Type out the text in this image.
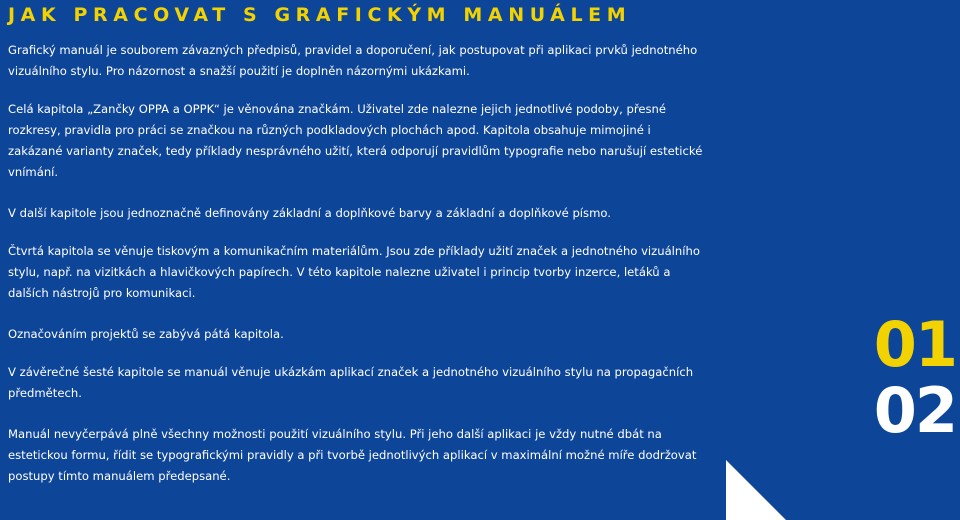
JAK PRACOVAT S GRAFICKÝM MANUÁLEM

Grafický manuál je souborem závazných předpisů, pravidel a doporučení, jak postupovat při aplikaci prvků jednotného vizuálního stylu. Pro názornost a snažší použití je doplněn názornými ukázkami.

Celá kapitola „Zančky OPPA a OPPK“ je věnována značkám. Uživatel zde nalezne jejich jednotlivé podoby, přesné rozkresy, pravidla pro práci se značkou na různých podkladových plochách apod. Kapitola obsahuje mimojiné i zakázané varianty značek, tedy příklady nesprávného užití, která odporují pravidlům typografie nebo narušují estetické vnímání.

V další kapitole jsou jednoznačně definovány základní a doplňkové barvy a základní a doplňkové písmo.

Čtvrtá kapitola se věnuje tiskovým a komunikačním materiálům. Jsou zde příklady užití značek a jednotného vizuálního stylu, např. na vizitkách a hlavičkových papírech. V této kapitole nalezne uživatel i princip tvorby inzerce, letáků a dalších nástrojů pro komunikaci.

Označováním projektů se zabývá pátá kapitola.

V závěrečné šesté kapitole se manuál věnuje ukázkám aplikací značek a jednotného vizuálního stylu na propagačních předmětech.

Manuál nevyčerpává plně všechny možnosti použití vizuálního stylu. Při jeho další aplikaci je vždy nutné dbát na estetickou formu, řídit se typografickými pravidly a při tvorbě jednotlivých aplikací v maximální možné míře dodržovat postupy tímto manuálem předepsané.

01
02
